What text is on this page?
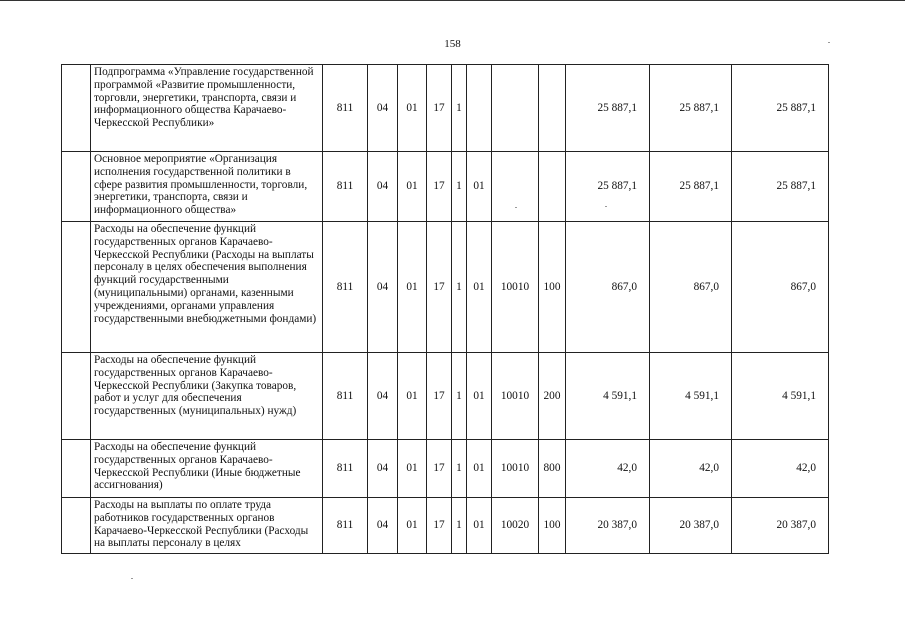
158
	Подпрограмма «Управление государственной программой «Развитие промышленности, торговли, энергетики, транспорта, связи и информационного общества Карачаево-Черкесской Республики»	811	04	01	17	1				25 887,1	25 887,1	25 887,1
	Основное мероприятие «Организация исполнения государственной политики в сфере развития промышленности, торговли, энергетики, транспорта, связи и информационного общества»	811	04	01	17	1	01			25 887,1	25 887,1	25 887,1
	Расходы на обеспечение функций государственных органов Карачаево-Черкесской Республики (Расходы на выплаты персоналу в целях обеспечения выполнения функций государственными (муниципальными) органами, казенными учреждениями, органами управления государственными внебюджетными фондами)	811	04	01	17	1	01	10010	100	867,0	867,0	867,0
	Расходы на обеспечение функций государственных органов Карачаево-Черкесской Республики (Закупка товаров, работ и услуг для обеспечения государственных (муниципальных) нужд)	811	04	01	17	1	01	10010	200	4 591,1	4 591,1	4 591,1
	Расходы на обеспечение функций государственных органов Карачаево-Черкесской Республики (Иные бюджетные ассигнования)	811	04	01	17	1	01	10010	800	42,0	42,0	42,0
	Расходы на выплаты по оплате труда работников государственных органов Карачаево-Черкесской Республики (Расходы на выплаты персоналу в целях	811	04	01	17	1	01	10020	100	20 387,0	20 387,0	20 387,0
